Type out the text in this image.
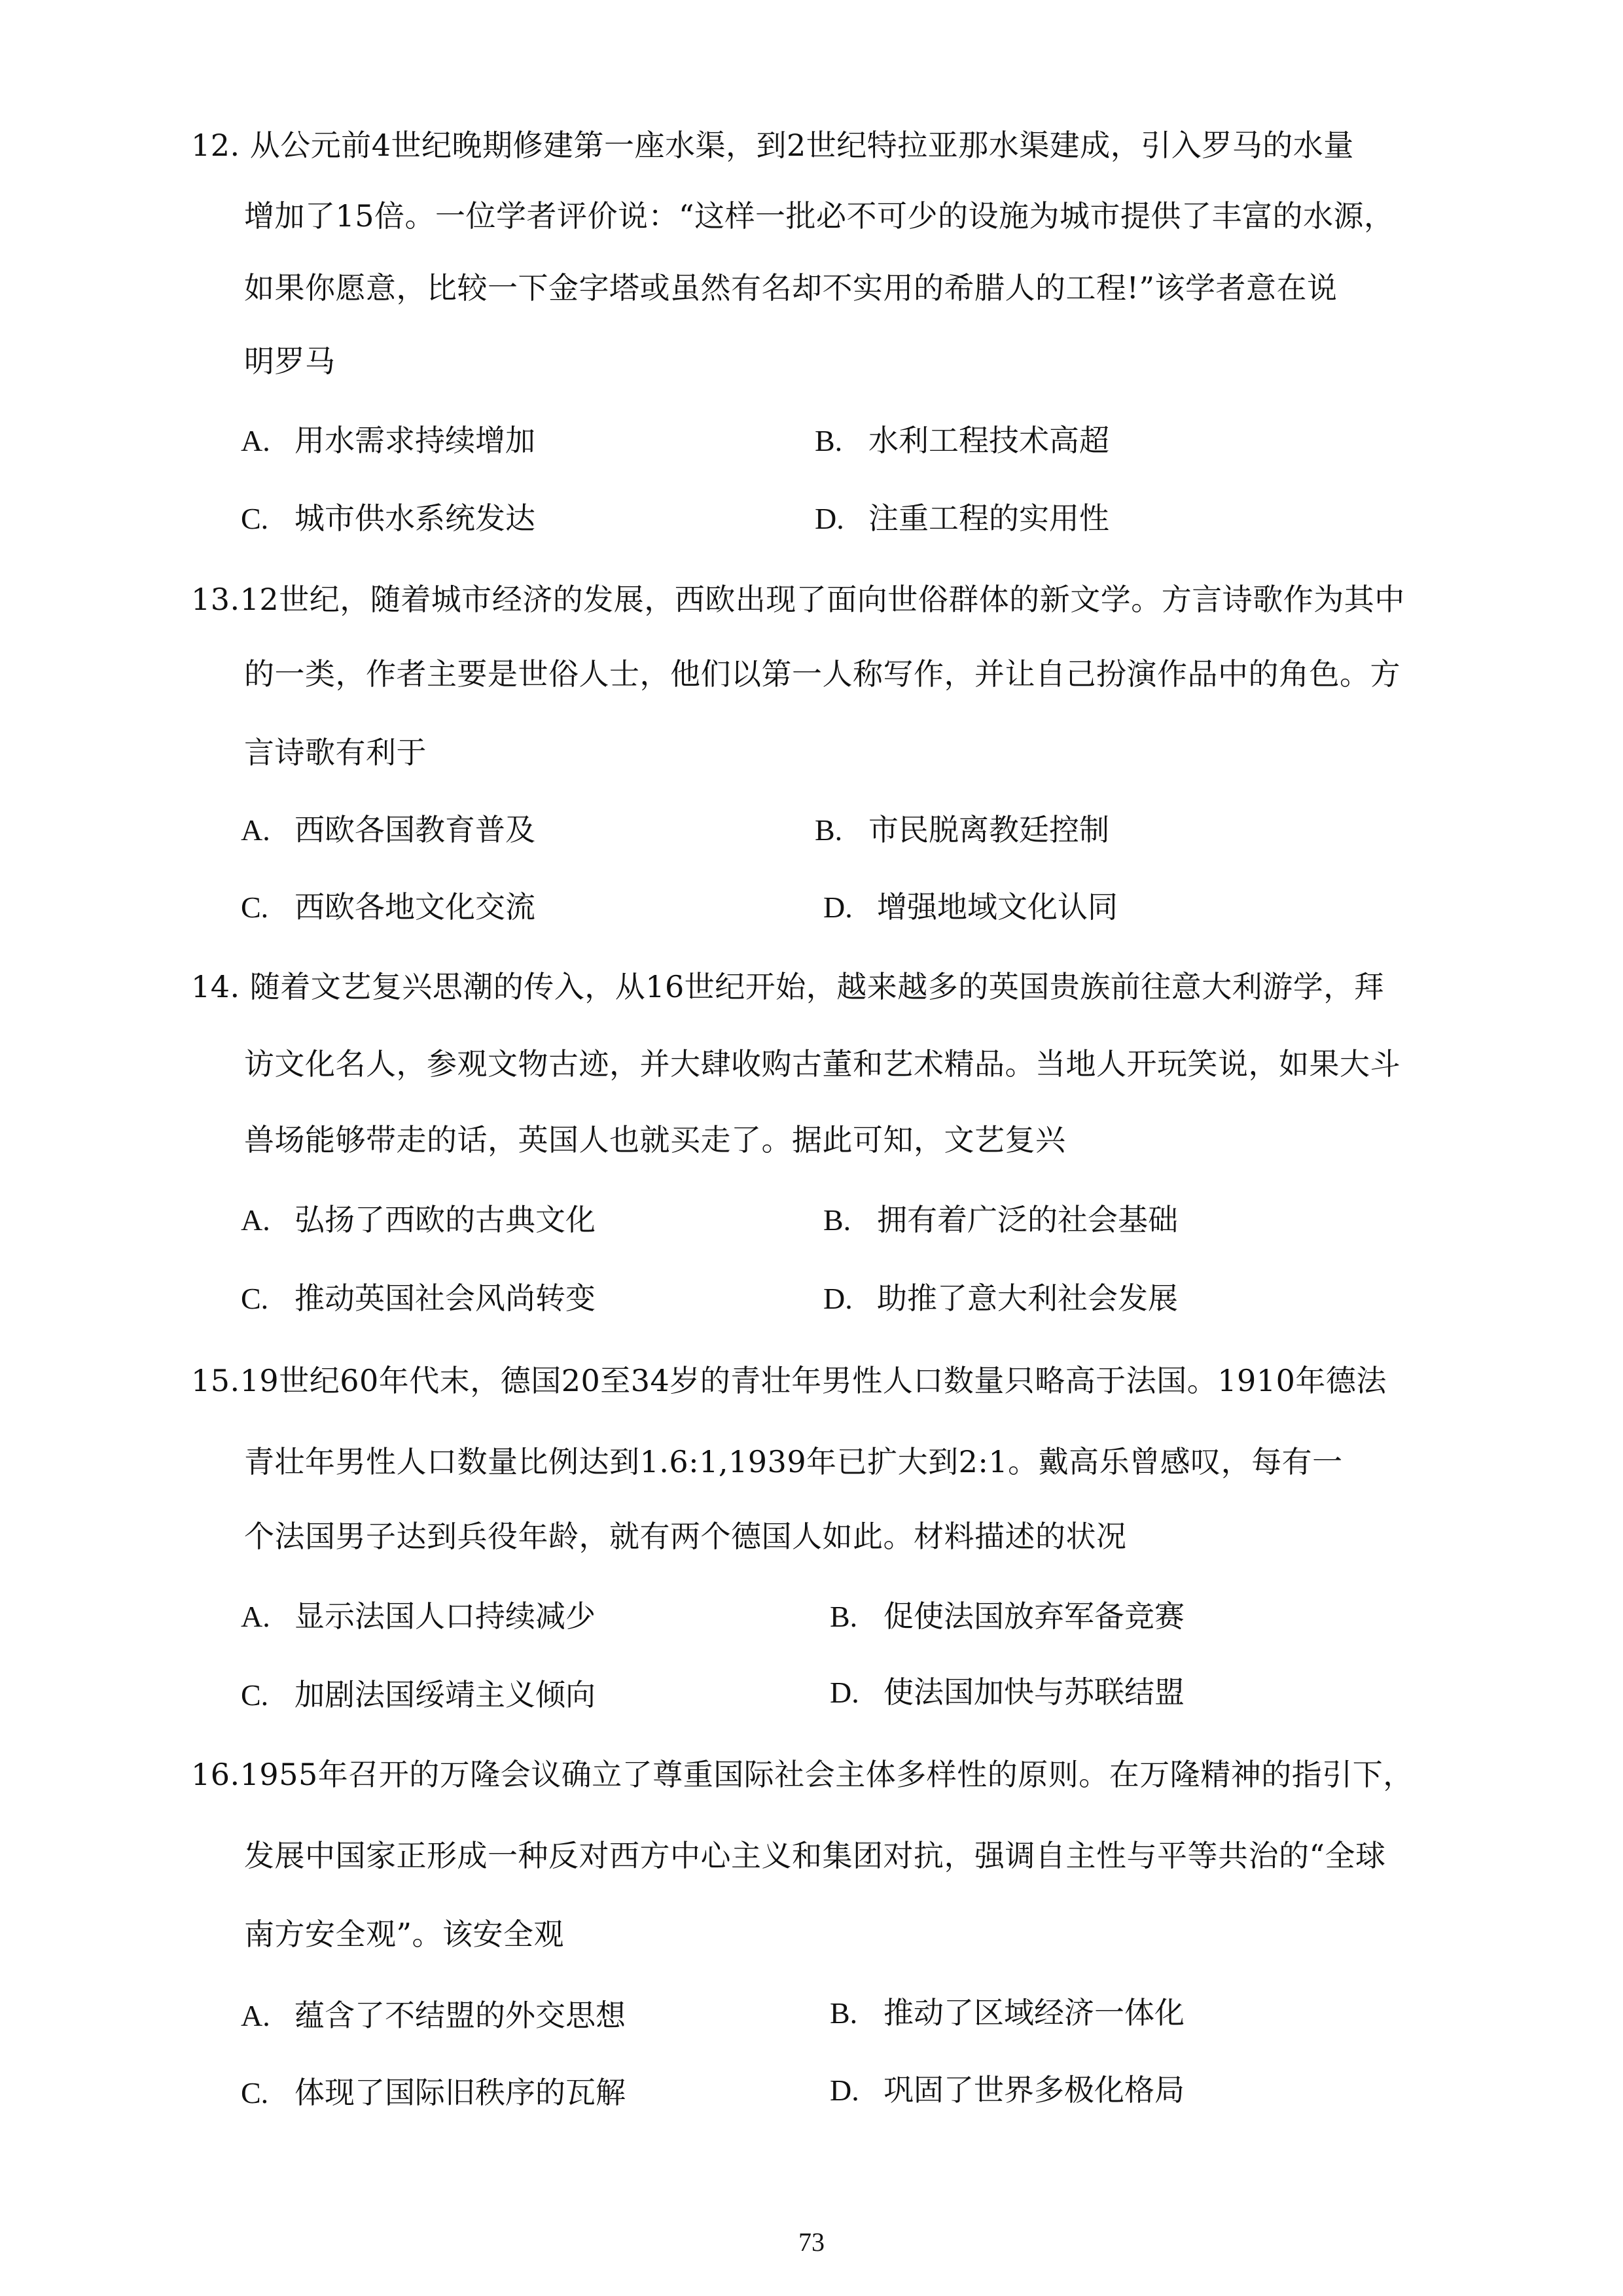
12. 从公元前4世纪晚期修建第一座水渠，到2世纪特拉亚那水渠建成，引入罗马的水量
增加了15倍。一位学者评价说：“这样一批必不可少的设施为城市提供了丰富的水源，
如果你愿意，比较一下金字塔或虽然有名却不实用的希腊人的工程!”该学者意在说
明罗马
A. 用水需求持续增加	B. 水利工程技术高超
C. 城市供水系统发达	D. 注重工程的实用性
13.12世纪，随着城市经济的发展，西欧出现了面向世俗群体的新文学。方言诗歌作为其中
的一类，作者主要是世俗人士，他们以第一人称写作，并让自己扮演作品中的角色。方
言诗歌有利于
A. 西欧各国教育普及	B. 市民脱离教廷控制
C. 西欧各地文化交流	D. 增强地域文化认同
14. 随着文艺复兴思潮的传入，从16世纪开始，越来越多的英国贵族前往意大利游学，拜
访文化名人，参观文物古迹，并大肆收购古董和艺术精品。当地人开玩笑说，如果大斗
兽场能够带走的话，英国人也就买走了。据此可知，文艺复兴
A. 弘扬了西欧的古典文化	B. 拥有着广泛的社会基础
C. 推动英国社会风尚转变	D. 助推了意大利社会发展
15.19世纪60年代末，德国20至34岁的青壮年男性人口数量只略高于法国。1910年德法
青壮年男性人口数量比例达到1.6:1,1939年已扩大到2:1。戴高乐曾感叹，每有一
个法国男子达到兵役年龄，就有两个德国人如此。材料描述的状况
A. 显示法国人口持续减少	B. 促使法国放弃军备竞赛
C. 加剧法国绥靖主义倾向	D. 使法国加快与苏联结盟
16.1955年召开的万隆会议确立了尊重国际社会主体多样性的原则。在万隆精神的指引下，
发展中国家正形成一种反对西方中心主义和集团对抗，强调自主性与平等共治的“全球
南方安全观”。该安全观
A. 蕴含了不结盟的外交思想	B. 推动了区域经济一体化
C. 体现了国际旧秩序的瓦解	D. 巩固了世界多极化格局
73
